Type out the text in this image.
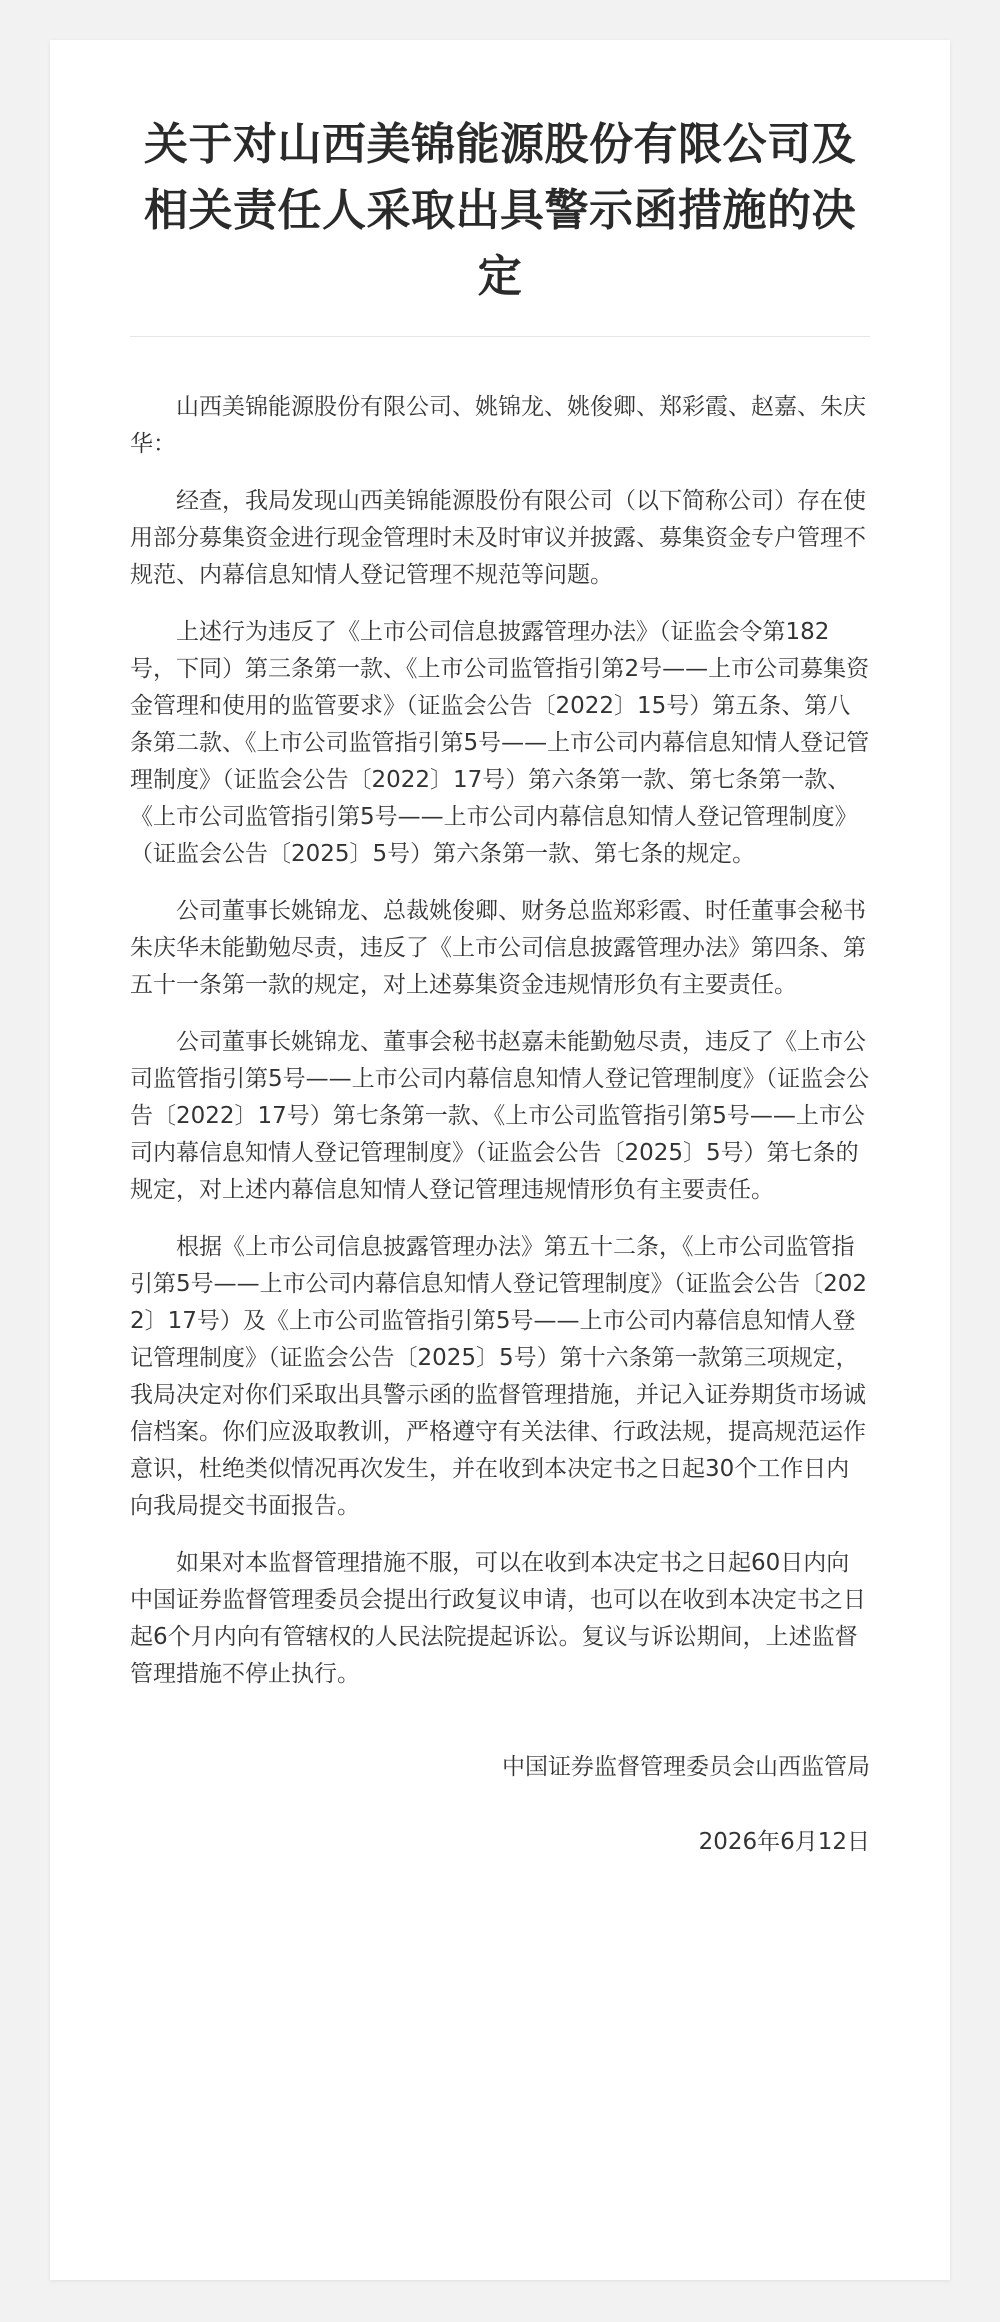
关于对山西美锦能源股份有限公司及相关责任人采取出具警示函措施的决定

山西美锦能源股份有限公司、姚锦龙、姚俊卿、郑彩霞、赵嘉、朱庆华：

经查，我局发现山西美锦能源股份有限公司（以下简称公司）存在使用部分募集资金进行现金管理时未及时审议并披露、募集资金专户管理不规范、内幕信息知情人登记管理不规范等问题。

上述行为违反了《上市公司信息披露管理办法》（证监会令第182号，下同）第三条第一款、《上市公司监管指引第2号——上市公司募集资金管理和使用的监管要求》（证监会公告〔2022〕15号）第五条、第八条第二款、《上市公司监管指引第5号——上市公司内幕信息知情人登记管理制度》（证监会公告〔2022〕17号）第六条第一款、第七条第一款、《上市公司监管指引第5号——上市公司内幕信息知情人登记管理制度》（证监会公告〔2025〕5号）第六条第一款、第七条的规定。

公司董事长姚锦龙、总裁姚俊卿、财务总监郑彩霞、时任董事会秘书朱庆华未能勤勉尽责，违反了《上市公司信息披露管理办法》第四条、第五十一条第一款的规定，对上述募集资金违规情形负有主要责任。

公司董事长姚锦龙、董事会秘书赵嘉未能勤勉尽责，违反了《上市公司监管指引第5号——上市公司内幕信息知情人登记管理制度》（证监会公告〔2022〕17号）第七条第一款、《上市公司监管指引第5号——上市公司内幕信息知情人登记管理制度》（证监会公告〔2025〕5号）第七条的规定，对上述内幕信息知情人登记管理违规情形负有主要责任。

根据《上市公司信息披露管理办法》第五十二条，《上市公司监管指引第5号——上市公司内幕信息知情人登记管理制度》（证监会公告〔2022〕17号）及《上市公司监管指引第5号——上市公司内幕信息知情人登记管理制度》（证监会公告〔2025〕5号）第十六条第一款第三项规定，我局决定对你们采取出具警示函的监督管理措施，并记入证券期货市场诚信档案。你们应汲取教训，严格遵守有关法律、行政法规，提高规范运作意识，杜绝类似情况再次发生，并在收到本决定书之日起30个工作日内向我局提交书面报告。

如果对本监督管理措施不服，可以在收到本决定书之日起60日内向中国证券监督管理委员会提出行政复议申请，也可以在收到本决定书之日起6个月内向有管辖权的人民法院提起诉讼。复议与诉讼期间，上述监督管理措施不停止执行。

中国证券监督管理委员会山西监管局

2026年6月12日
